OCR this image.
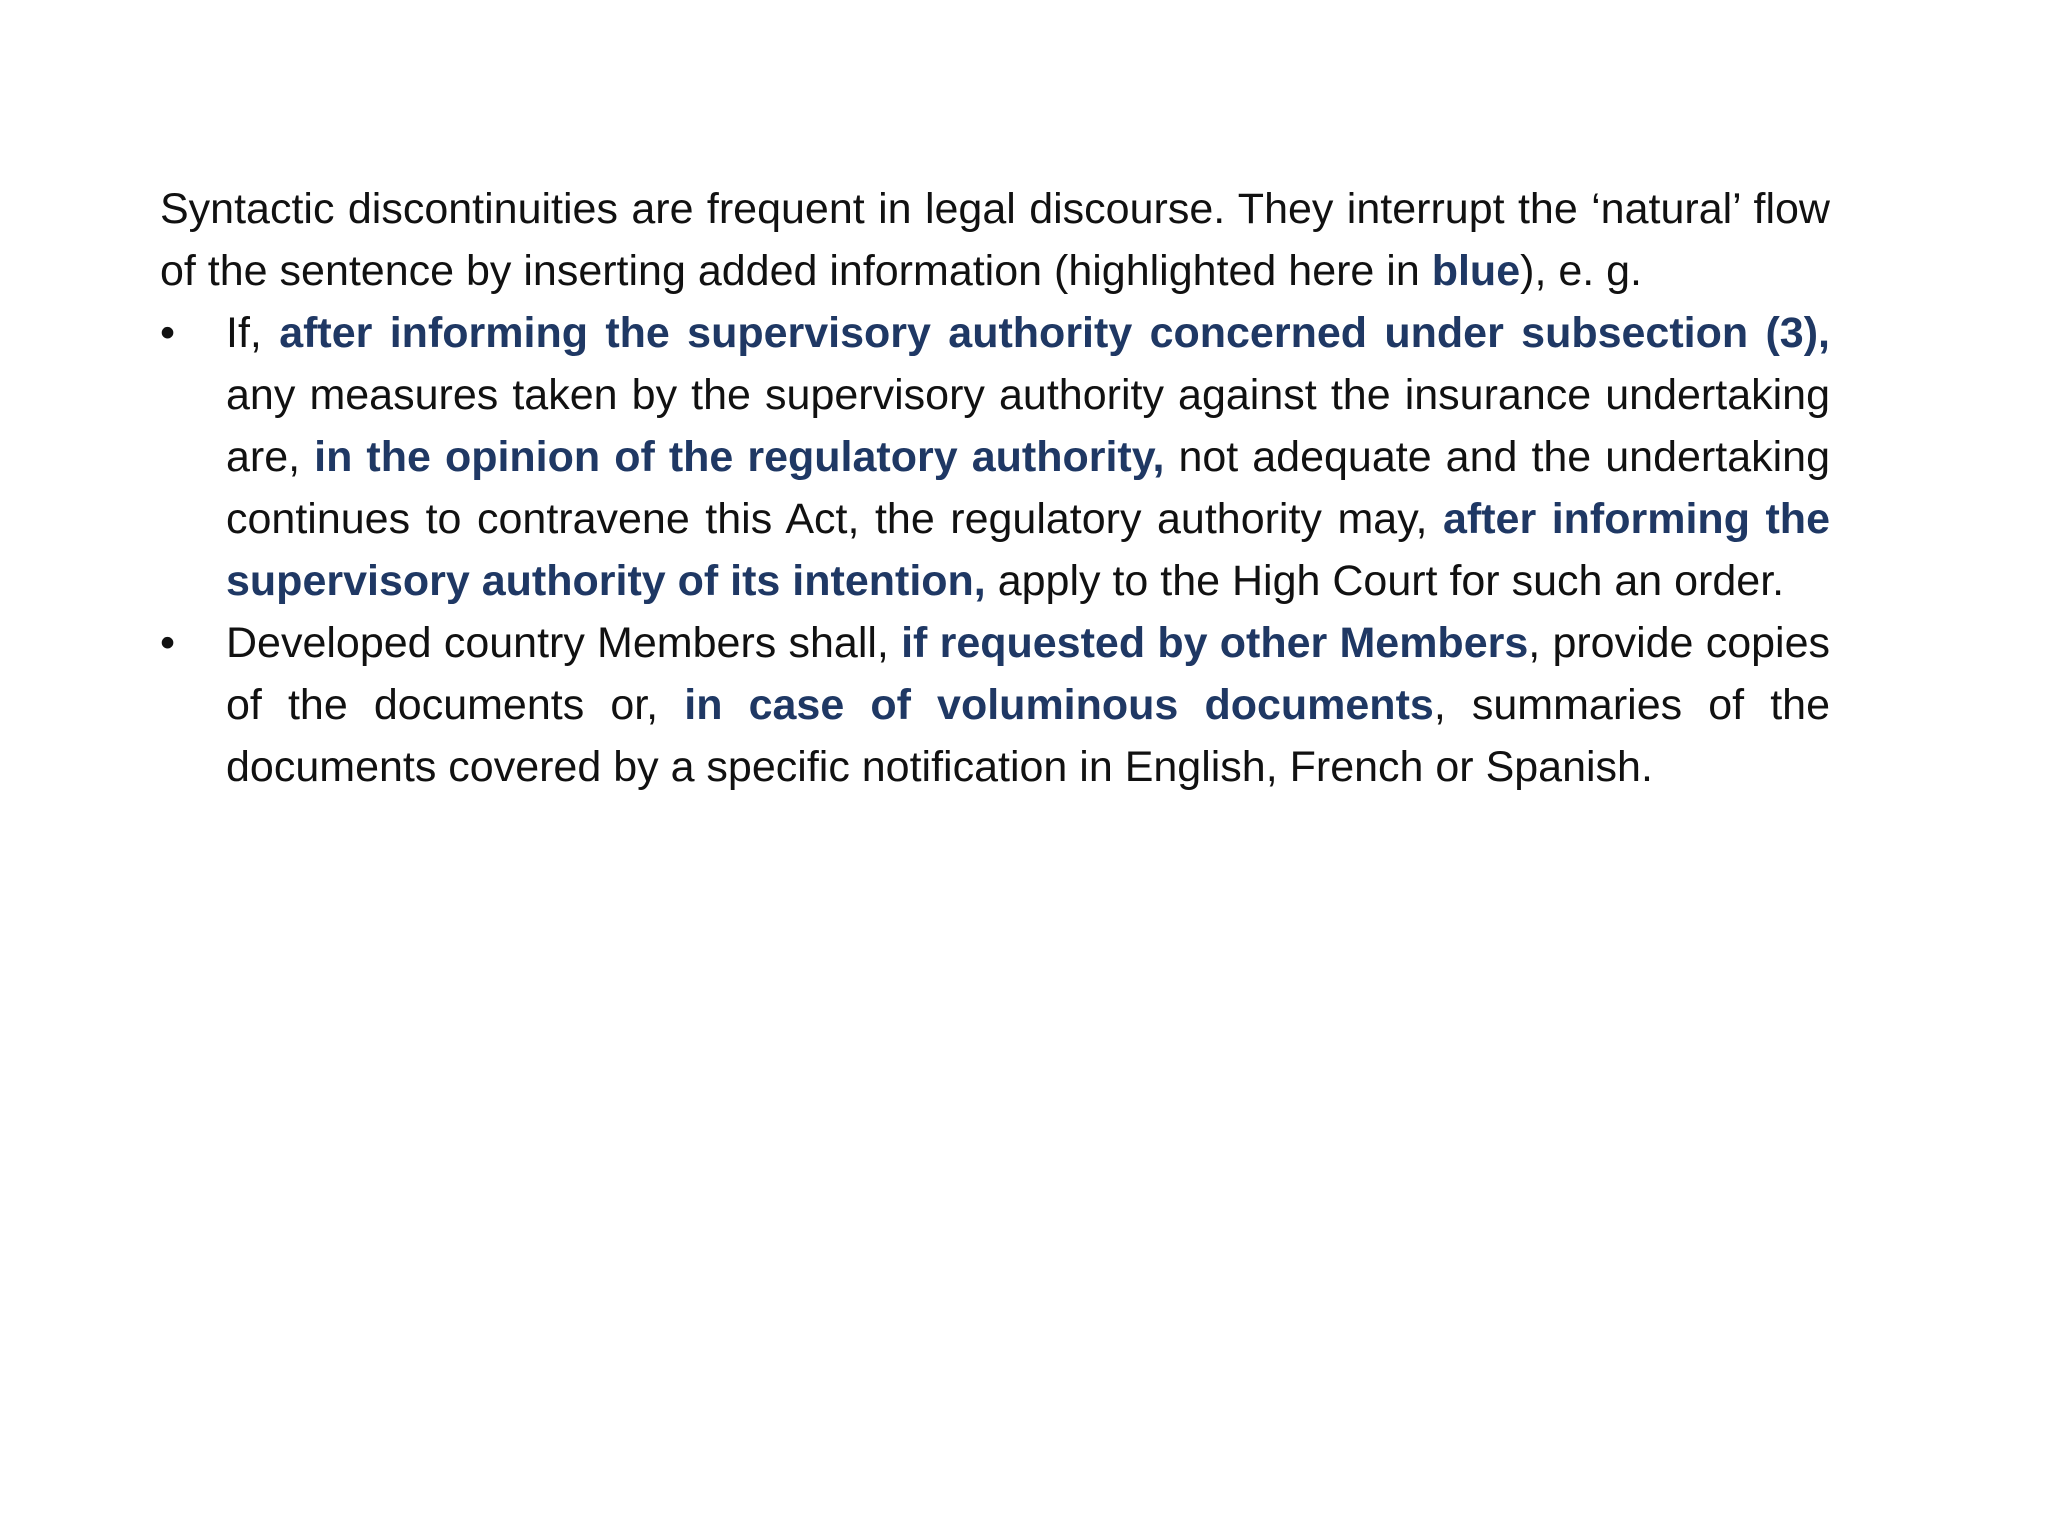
Syntactic discontinuities are frequent in legal discourse. They interrupt the ‘natural’ flow of the sentence by inserting added information (highlighted here in blue), e. g.

• If, after informing the supervisory authority concerned under subsection (3), any measures taken by the supervisory authority against the insurance undertaking are, in the opinion of the regulatory authority, not adequate and the undertaking continues to contravene this Act, the regulatory authority may, after informing the supervisory authority of its intention, apply to the High Court for such an order.
• Developed country Members shall, if requested by other Members, provide copies of the documents or, in case of voluminous documents, summaries of the documents covered by a specific notification in English, French or Spanish.
